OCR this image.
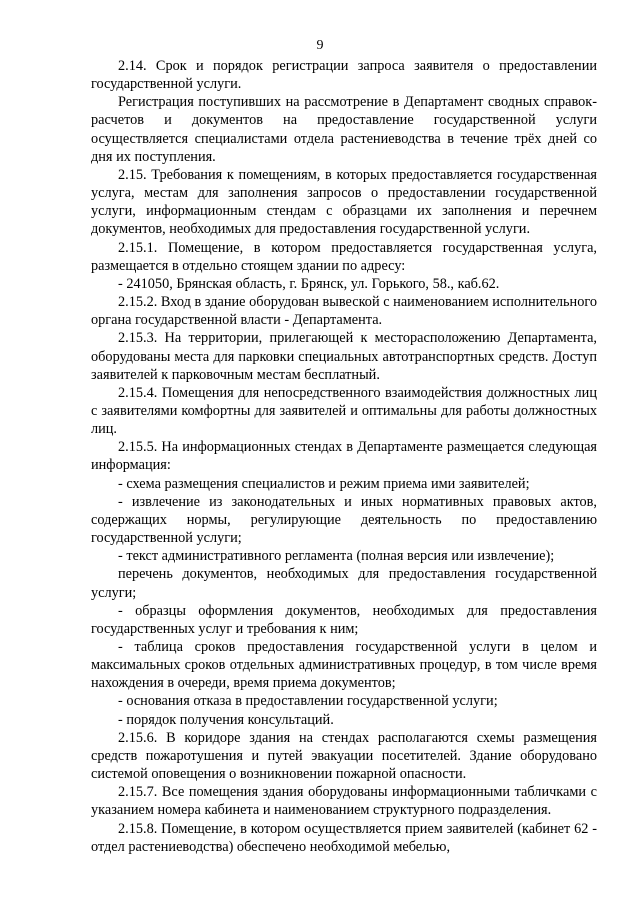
9

2.14. Срок и порядок регистрации запроса заявителя о предоставлении государственной услуги.

Регистрация поступивших на рассмотрение в Департамент сводных справок-расчетов и документов на предоставление государственной услуги осуществляется специалистами отдела растениеводства в течение трёх дней со дня их поступления.

2.15. Требования к помещениям, в которых предоставляется государственная услуга, местам для заполнения запросов о предоставлении государственной услуги, информационным стендам с образцами их заполнения и перечнем документов, необходимых для предоставления государственной услуги.

2.15.1. Помещение, в котором предоставляется государственная услуга, размещается в отдельно стоящем здании по адресу:

- 241050, Брянская область, г. Брянск, ул. Горького, 58., каб.62.

2.15.2. Вход в здание оборудован вывеской с наименованием исполнительного органа государственной власти - Департамента.

2.15.3. На территории, прилегающей к месторасположению Департамента, оборудованы места для парковки специальных автотранспортных средств. Доступ заявителей к парковочным местам бесплатный.

2.15.4. Помещения для непосредственного взаимодействия должностных лиц с заявителями комфортны для заявителей и оптимальны для работы должностных лиц.

2.15.5. На информационных стендах в Департаменте размещается следующая информация:

- схема размещения специалистов и режим приема ими заявителей;

- извлечение из законодательных и иных нормативных правовых актов, содержащих нормы, регулирующие деятельность по предоставлению государственной услуги;

- текст административного регламента (полная версия или извлечение);

перечень документов, необходимых для предоставления государственной услуги;

- образцы оформления документов, необходимых для предоставления государственных услуг и требования к ним;

- таблица сроков предоставления государственной услуги в целом и максимальных сроков отдельных административных процедур, в том числе время нахождения в очереди, время приема документов;

- основания отказа в предоставлении государственной услуги;

- порядок получения консультаций.

2.15.6. В коридоре здания на стендах располагаются схемы размещения средств пожаротушения и путей эвакуации посетителей. Здание оборудовано системой оповещения о возникновении пожарной опасности.

2.15.7. Все помещения здания оборудованы информационными табличками с указанием номера кабинета и наименованием структурного подразделения.

2.15.8. Помещение, в котором осуществляется прием заявителей (кабинет 62 - отдел растениеводства) обеспечено необходимой мебелью,
